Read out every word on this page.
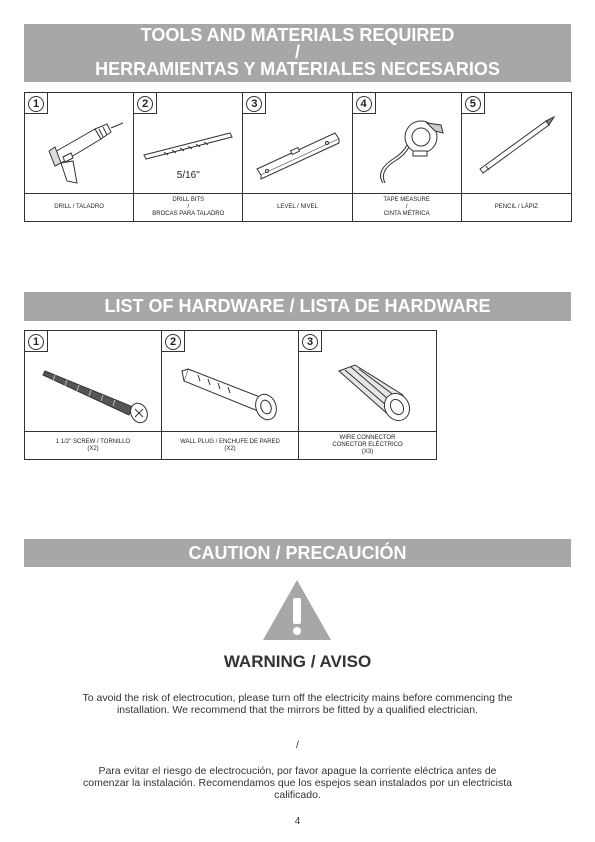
TOOLS AND MATERIALS REQUIRED
/
HERRAMIENTAS Y MATERIALES NECESARIOS
1
DRILL / TALADRO
2
5/16"
DRILL BITS
/
BROCAS PARA TALADRO
3
LEVEL / NIVEL
4
TAPE MEASURE
/
CINTA MÉTRICA
5
PENCIL / LÁPIZ
LIST OF HARDWARE / LISTA DE HARDWARE
1
1 1/2" SCREW / TORNILLO
(X2)
2
WALL PLUG / ENCHUFE DE PARED
(X2)
3
WIRE CONNECTOR
CONECTOR ELÉCTRICO
(X3)
CAUTION / PRECAUCIÓN
WARNING / AVISO
To avoid the risk of electrocution, please turn off the electricity mains before commencing the installation. We recommend that the mirrors be fitted by a qualified electrician.
/
Para evitar el riesgo de electrocución, por favor apague la corriente eléctrica antes de comenzar la instalación. Recomendamos que los espejos sean instalados por un electricista calificado.
4
